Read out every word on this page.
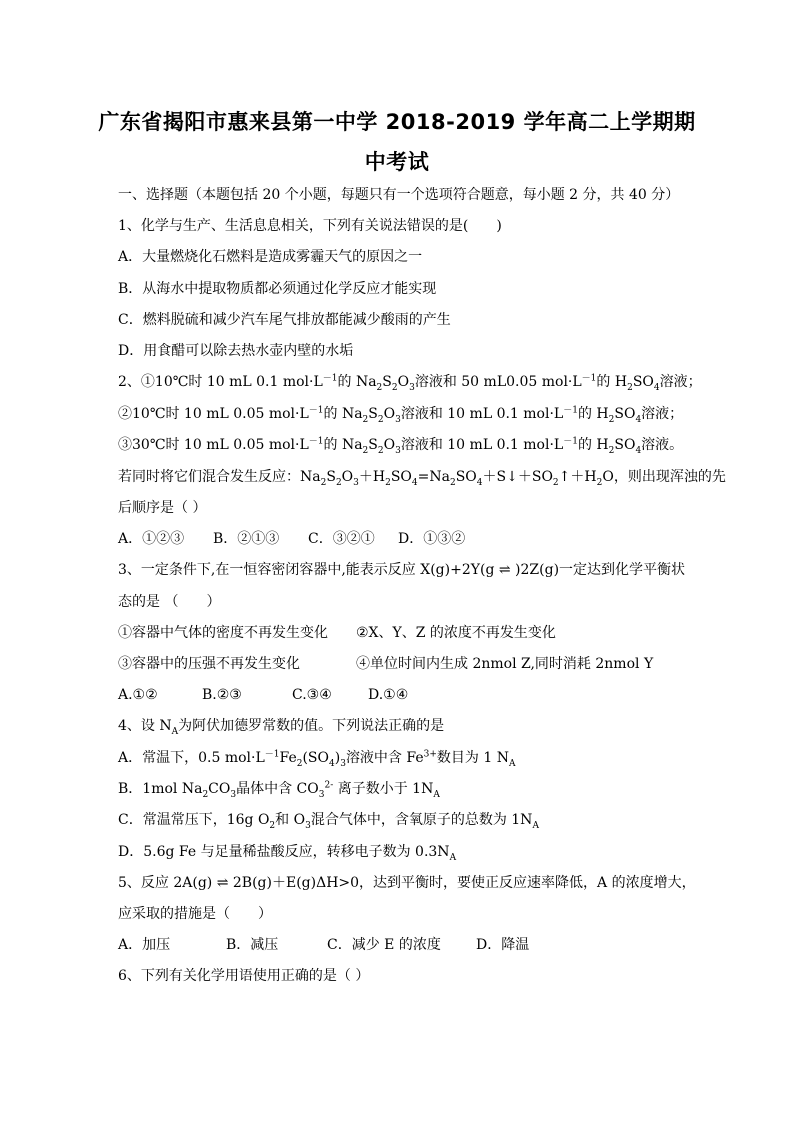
广东省揭阳市惠来县第一中学 2018-2019 学年高二上学期期
中考试
一、选择题（本题包括 20 个小题，每题只有一个选项符合题意，每小题 2 分，共 40 分）
1、化学与生产、生活息息相关，下列有关说法错误的是(　　)
A．大量燃烧化石燃料是造成雾霾天气的原因之一
B．从海水中提取物质都必须通过化学反应才能实现
C．燃料脱硫和减少汽车尾气排放都能减少酸雨的产生
D．用食醋可以除去热水壶内壁的水垢
2、①10℃时 10 mL 0.1 $mol\cdot L^{-1}$的 $Na_2S_2O_3$溶液和 50 mL0.05 $mol\cdot L^{-1}$的 $H_2SO_4$溶液；
②10℃时 10 mL 0.05 $mol\cdot L^{-1}$的 $Na_2S_2O_3$溶液和 10 mL 0.1 $mol\cdot L^{-1}$的 $H_2SO_4$溶液；
③30℃时 10 mL 0.05 $mol\cdot L^{-1}$的 $Na_2S_2O_3$溶液和 10 mL 0.1 $mol\cdot L^{-1}$的 $H_2SO_4$溶液。
若同时将它们混合发生反应：$Na_2S_2O_3+H_2SO_4=Na_2SO_4+S↓+SO_2↑+H_2O$，则出现浑浊的先
后顺序是（ ）
A．①②③ B．②①③ C．③②① D．①③②
3、一定条件下,在一恒容密闭容器中,能表示反应 X(g)+2Y(g ⇌ )2Z(g)一定达到化学平衡状
态的是 （　　）
①容器中气体的密度不再发生变化 ②X、Y、Z 的浓度不再发生变化
③容器中的压强不再发生变化	④单位时间内生成 2nmol Z,同时消耗 2nmol Y
A.①②	B.②③	C.③④	D.①④
4、设 $N_A$为阿伏加德罗常数的值。下列说法正确的是
A．常温下，0.5 $mol\cdot L^{-1}Fe_2(SO_4)_3$溶液中含 $Fe^{3+}$数目为 1 $N_A$
B．1mol $Na_2CO_3$晶体中含 $CO_3^{2-}$ 离子数小于 $1N_A$
C．常温常压下，16g $O_2$和 $O_3$混合气体中，含氧原子的总数为 $1N_A$
D．5.6g Fe 与足量稀盐酸反应，转移电子数为 $0.3N_A$
5、反应 2A(g) ⇌ 2B(g)＋E(g)ΔH>0，达到平衡时，要使正反应速率降低，A 的浓度增大，
应采取的措施是（　　）
A．加压	B．减压	C．减少 E 的浓度	D．降温
6、下列有关化学用语使用正确的是（ ）
